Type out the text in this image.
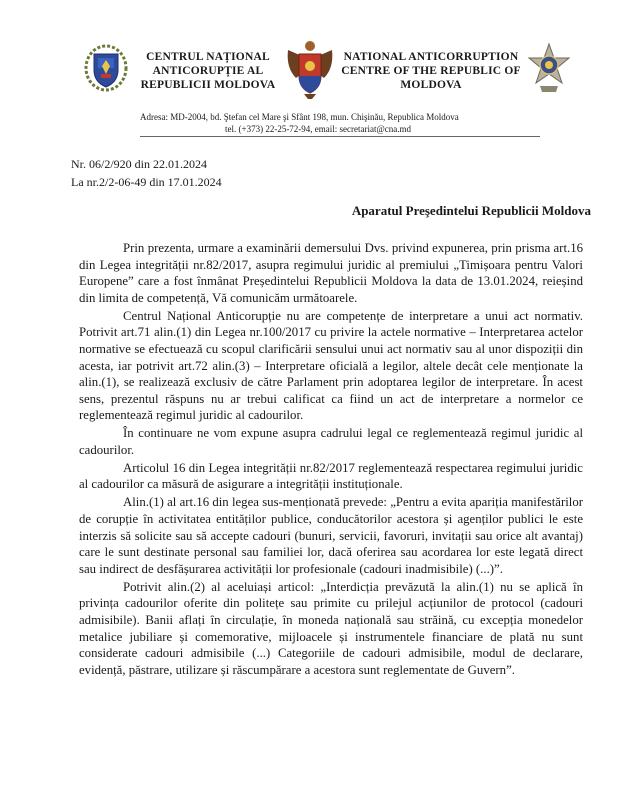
CENTRUL NAȚIONAL
ANTICORUPȚIE AL
REPUBLICII MOLDOVA
NATIONAL ANTICORRUPTION
CENTRE OF THE REPUBLIC OF
MOLDOVA
Adresa: MD-2004, bd. Ştefan cel Mare şi Sfânt 198, mun. Chişinău, Republica Moldova
tel. (+373) 22-25-72-94, email: secretariat@cna.md
Nr. 06/2/920 din 22.01.2024
La nr.2/2-06-49 din 17.01.2024
Aparatul Preşedintelui Republicii Moldova

Prin prezenta, urmare a examinării demersului Dvs. privind expunerea, prin prisma art.16 din Legea integrității nr.82/2017, asupra regimului juridic al premiului „Timișoara pentru Valori Europene” care a fost înmânat Președintelui Republicii Moldova la data de 13.01.2024, reieșind din limita de competență, Vă comunicăm următoarele.

Centrul Național Anticorupție nu are competențe de interpretare a unui act normativ. Potrivit art.71 alin.(1) din Legea nr.100/2017 cu privire la actele normative – Interpretarea actelor normative se efectuează cu scopul clarificării sensului unui act normativ sau al unor dispoziții din acesta, iar potrivit art.72 alin.(3) – Interpretare oficială a legilor, altele decât cele menționate la alin.(1), se realizează exclusiv de către Parlament prin adoptarea legilor de interpretare. În acest sens, prezentul răspuns nu ar trebui calificat ca fiind un act de interpretare a normelor ce reglementează regimul juridic al cadourilor.

În continuare ne vom expune asupra cadrului legal ce reglementează regimul juridic al cadourilor.

Articolul 16 din Legea integrității nr.82/2017 reglementează respectarea regimului juridic al cadourilor ca măsură de asigurare a integrității instituționale.

Alin.(1) al art.16 din legea sus-menționată prevede: „Pentru a evita apariția manifestărilor de corupție în activitatea entităților publice, conducătorilor acestora și agenților publici le este interzis să solicite sau să accepte cadouri (bunuri, servicii, favoruri, invitații sau orice alt avantaj) care le sunt destinate personal sau familiei lor, dacă oferirea sau acordarea lor este legată direct sau indirect de desfășurarea activității lor profesionale (cadouri inadmisibile) (...)”.

Potrivit alin.(2) al aceluiași articol: „Interdicția prevăzută la alin.(1) nu se aplică în privința cadourilor oferite din politețe sau primite cu prilejul acțiunilor de protocol (cadouri admisibile). Banii aflați în circulație, în moneda națională sau străină, cu excepția monedelor metalice jubiliare și comemorative, mijloacele și instrumentele financiare de plată nu sunt considerate cadouri admisibile (...) Categoriile de cadouri admisibile, modul de declarare, evidență, păstrare, utilizare și răscumpărare a acestora sunt reglementate de Guvern”.
